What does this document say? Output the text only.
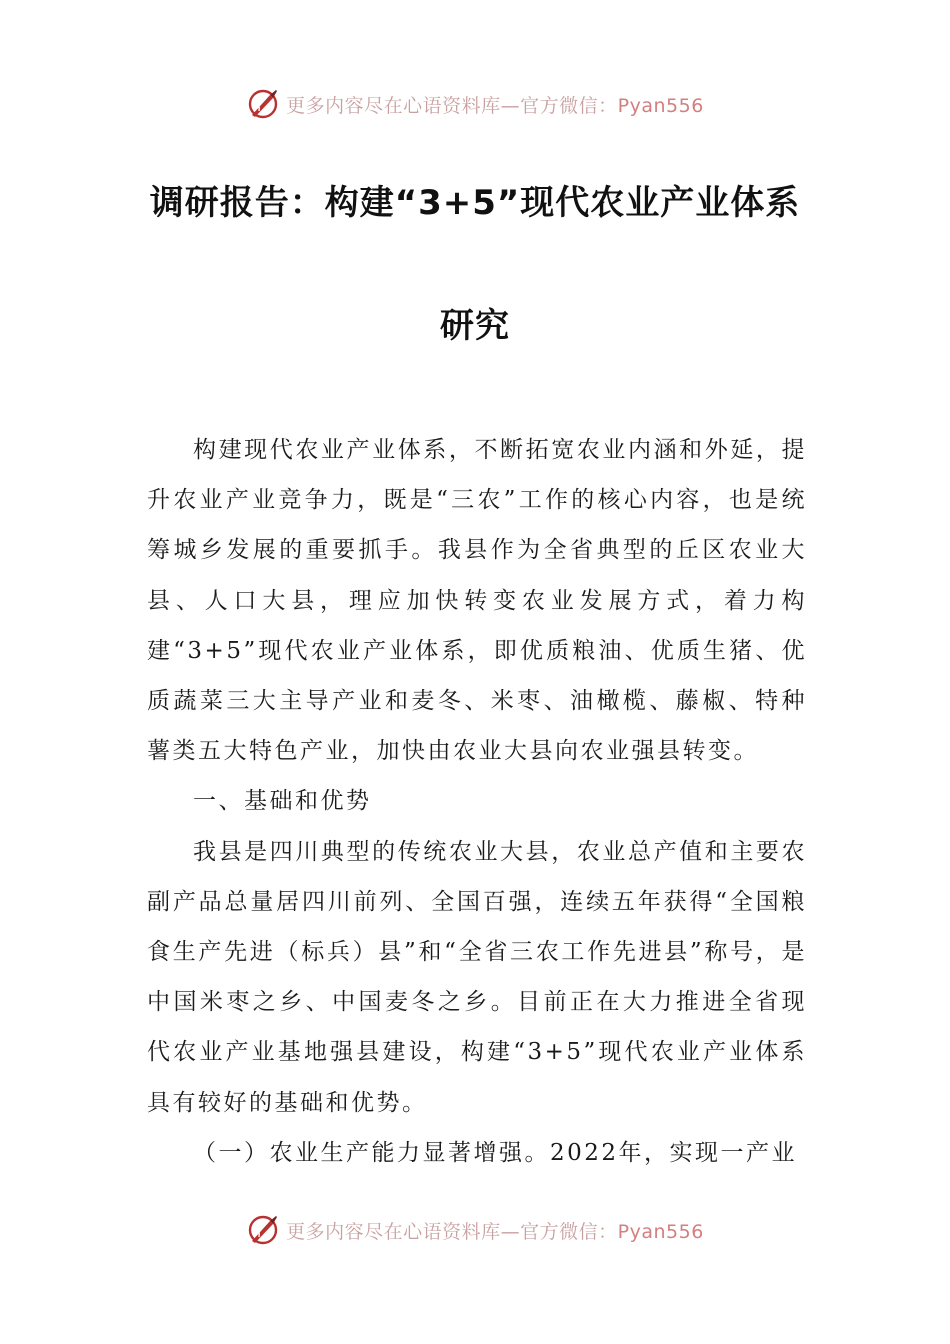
更多内容尽在心语资料库—官方微信：Pyan556
调研报告：构建“3+5”现代农业产业体系
研究

构建现代农业产业体系，不断拓宽农业内涵和外延，提升农业产业竞争力，既是“三农”工作的核心内容，也是统筹城乡发展的重要抓手。我县作为全省典型的丘区农业大县、人口大县，理应加快转变农业发展方式，着力构建“3+5”现代农业产业体系，即优质粮油、优质生猪、优质蔬菜三大主导产业和麦冬、米枣、油橄榄、藤椒、特种薯类五大特色产业，加快由农业大县向农业强县转变。

一、基础和优势

我县是四川典型的传统农业大县，农业总产值和主要农副产品总量居四川前列、全国百强，连续五年获得“全国粮食生产先进（标兵）县”和“全省三农工作先进县”称号，是中国米枣之乡、中国麦冬之乡。目前正在大力推进全省现代农业产业基地强县建设，构建“3+5”现代农业产业体系具有较好的基础和优势。

（一）农业生产能力显著增强。2022年，实现一产业

更多内容尽在心语资料库—官方微信：Pyan556
